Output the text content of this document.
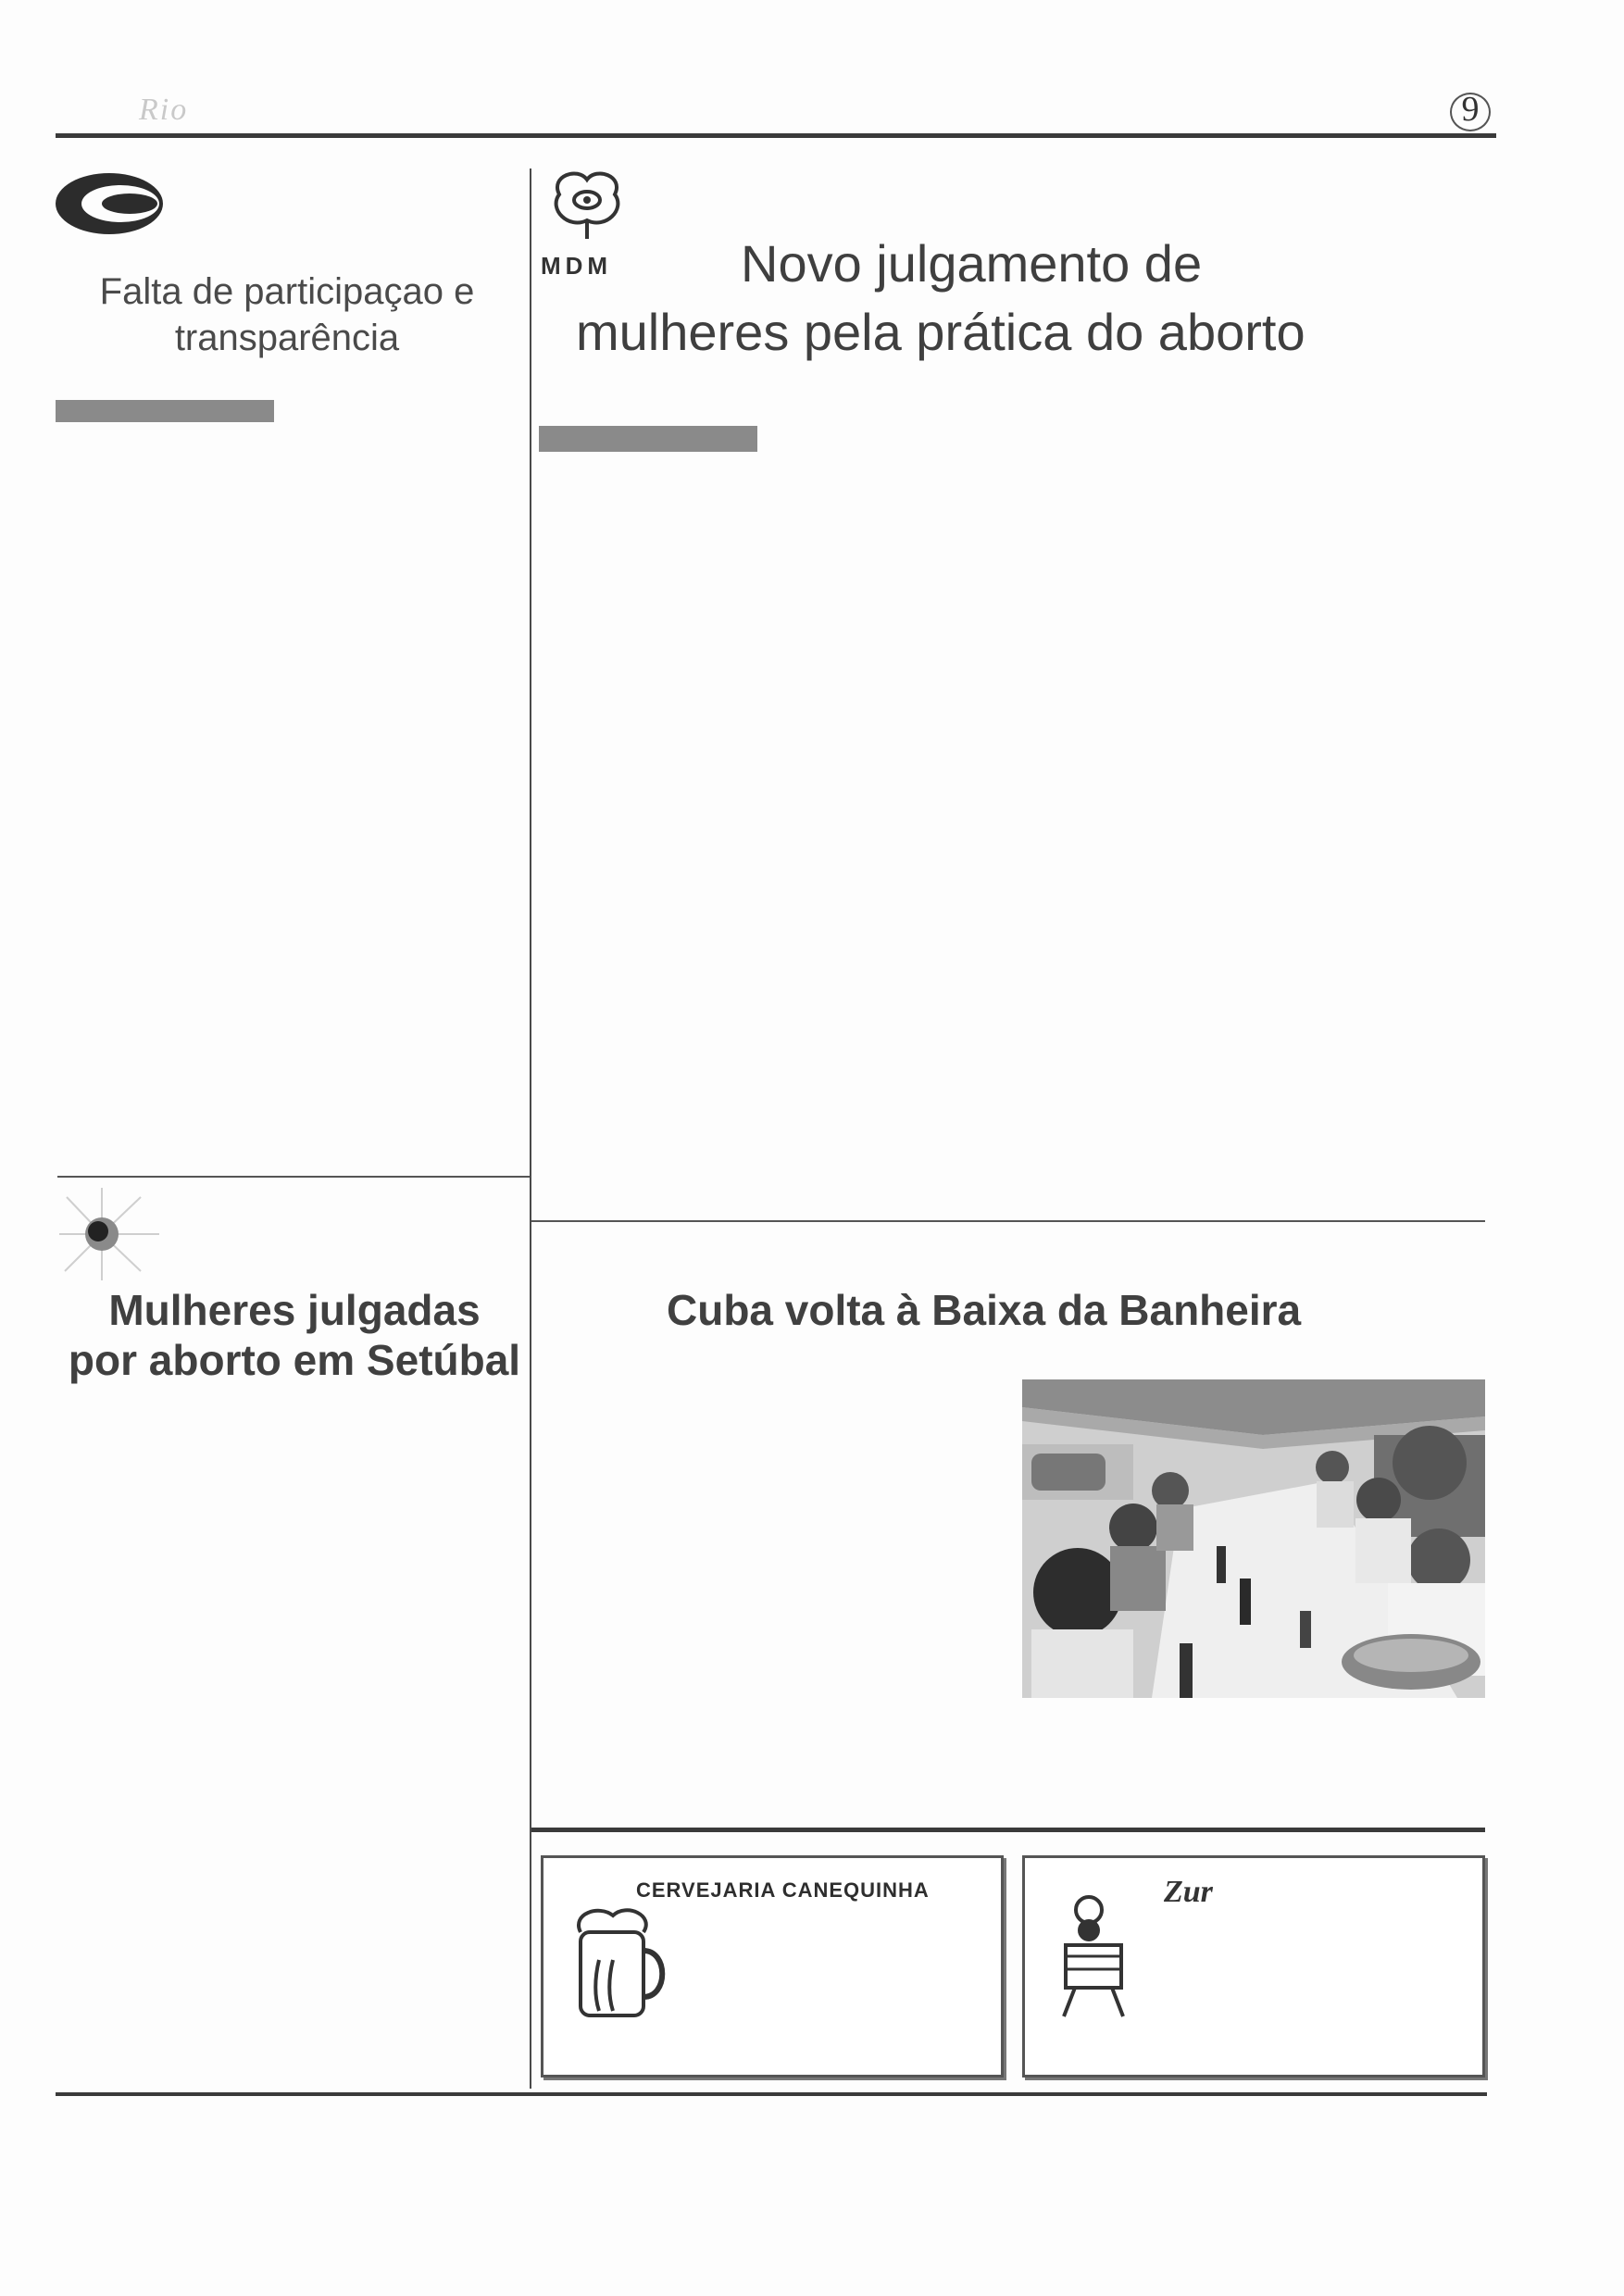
Rio	9
Falta de participaçao e
transparência
MDM Novo julgamento de
mulheres pela prática do aborto
Mulheres julgadas
por aborto em Setúbal
Cuba volta à Baixa da Banheira
CERVEJARIA CANEQUINHA	Zur
